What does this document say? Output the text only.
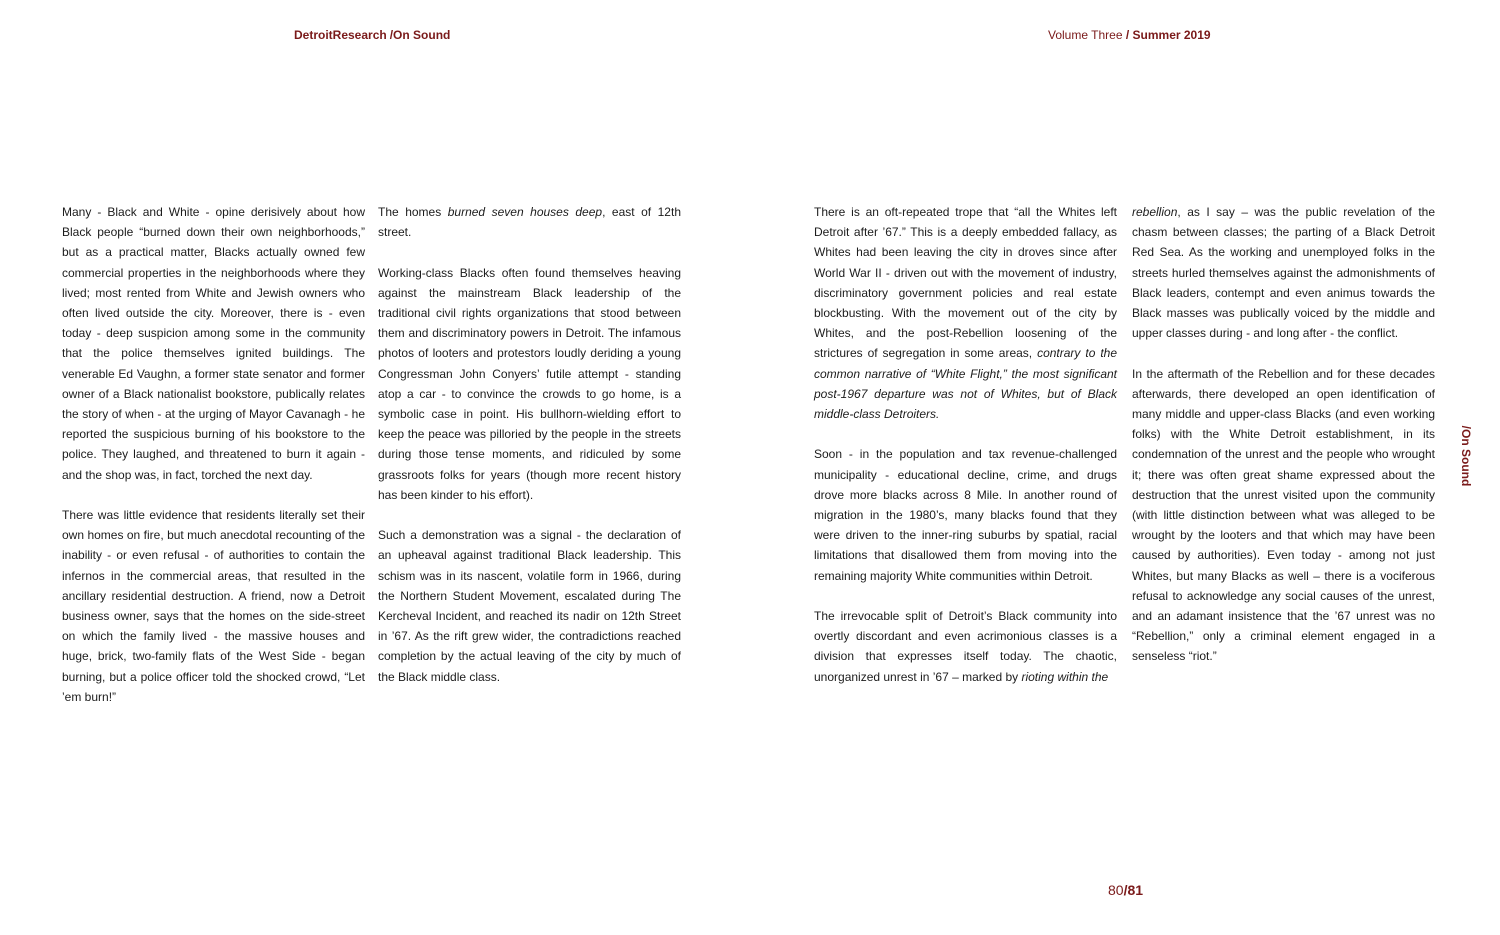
DetroitResearch /On Sound	Volume Three / Summer 2019

Many - Black and White - opine derisively about how Black people “burned down their own neighborhoods,” but as a practical matter, Blacks actually owned few commercial properties in the neighborhoods where they lived; most rented from White and Jewish owners who often lived outside the city. Moreover, there is - even today - deep suspicion among some in the community that the police themselves ignited buildings. The venerable Ed Vaughn, a former state senator and former owner of a Black nationalist bookstore, publically relates the story of when - at the urging of Mayor Cavanagh - he reported the suspicious burning of his bookstore to the police. They laughed, and threatened to burn it again - and the shop was, in fact, torched the next day.

There was little evidence that residents literally set their own homes on fire, but much anecdotal recounting of the inability - or even refusal - of authorities to contain the infernos in the commercial areas, that resulted in the ancillary residential destruction. A friend, now a Detroit business owner, says that the homes on the side-street on which the family lived - the massive houses and huge, brick, two-family flats of the West Side - began burning, but a police officer told the shocked crowd, “Let ’em burn!”

The homes burned seven houses deep, east of 12th street.

Working-class Blacks often found themselves heaving against the mainstream Black leadership of the traditional civil rights organizations that stood between them and discriminatory powers in Detroit. The infamous photos of looters and protestors loudly deriding a young Congressman John Conyers’ futile attempt - standing atop a car - to convince the crowds to go home, is a symbolic case in point. His bullhorn-wielding effort to keep the peace was pilloried by the people in the streets during those tense moments, and ridiculed by some grassroots folks for years (though more recent history has been kinder to his effort).

Such a demonstration was a signal - the declaration of an upheaval against traditional Black leadership. This schism was in its nascent, volatile form in 1966, during the Northern Student Movement, escalated during The Kercheval Incident, and reached its nadir on 12th Street in ’67. As the rift grew wider, the contradictions reached completion by the actual leaving of the city by much of the Black middle class.

There is an oft-repeated trope that “all the Whites left Detroit after ’67.” This is a deeply embedded fallacy, as Whites had been leaving the city in droves since after World War II - driven out with the movement of industry, discriminatory government policies and real estate blockbusting. With the movement out of the city by Whites, and the post-Rebellion loosening of the strictures of segregation in some areas, contrary to the common narrative of “White Flight,” the most significant post-1967 departure was not of Whites, but of Black middle-class Detroiters.

Soon - in the population and tax revenue-challenged municipality - educational decline, crime, and drugs drove more blacks across 8 Mile. In another round of migration in the 1980’s, many blacks found that they were driven to the inner-ring suburbs by spatial, racial limitations that disallowed them from moving into the remaining majority White communities within Detroit.

The irrevocable split of Detroit’s Black community into overtly discordant and even acrimonious classes is a division that expresses itself today. The chaotic, unorganized unrest in ’67 – marked by rioting within the

rebellion, as I say – was the public revelation of the chasm between classes; the parting of a Black Detroit Red Sea. As the working and unemployed folks in the streets hurled themselves against the admonishments of Black leaders, contempt and even animus towards the Black masses was publically voiced by the middle and upper classes during - and long after - the conflict.

In the aftermath of the Rebellion and for these decades afterwards, there developed an open identification of many middle and upper-class Blacks (and even working folks) with the White Detroit establishment, in its condemnation of the unrest and the people who wrought it; there was often great shame expressed about the destruction that the unrest visited upon the community (with little distinction between what was alleged to be wrought by the looters and that which may have been caused by authorities). Even today - among not just Whites, but many Blacks as well – there is a vociferous refusal to acknowledge any social causes of the unrest, and an adamant insistence that the ’67 unrest was no “Rebellion,” only a criminal element engaged in a senseless “riot.”

/On Sound
80/81
